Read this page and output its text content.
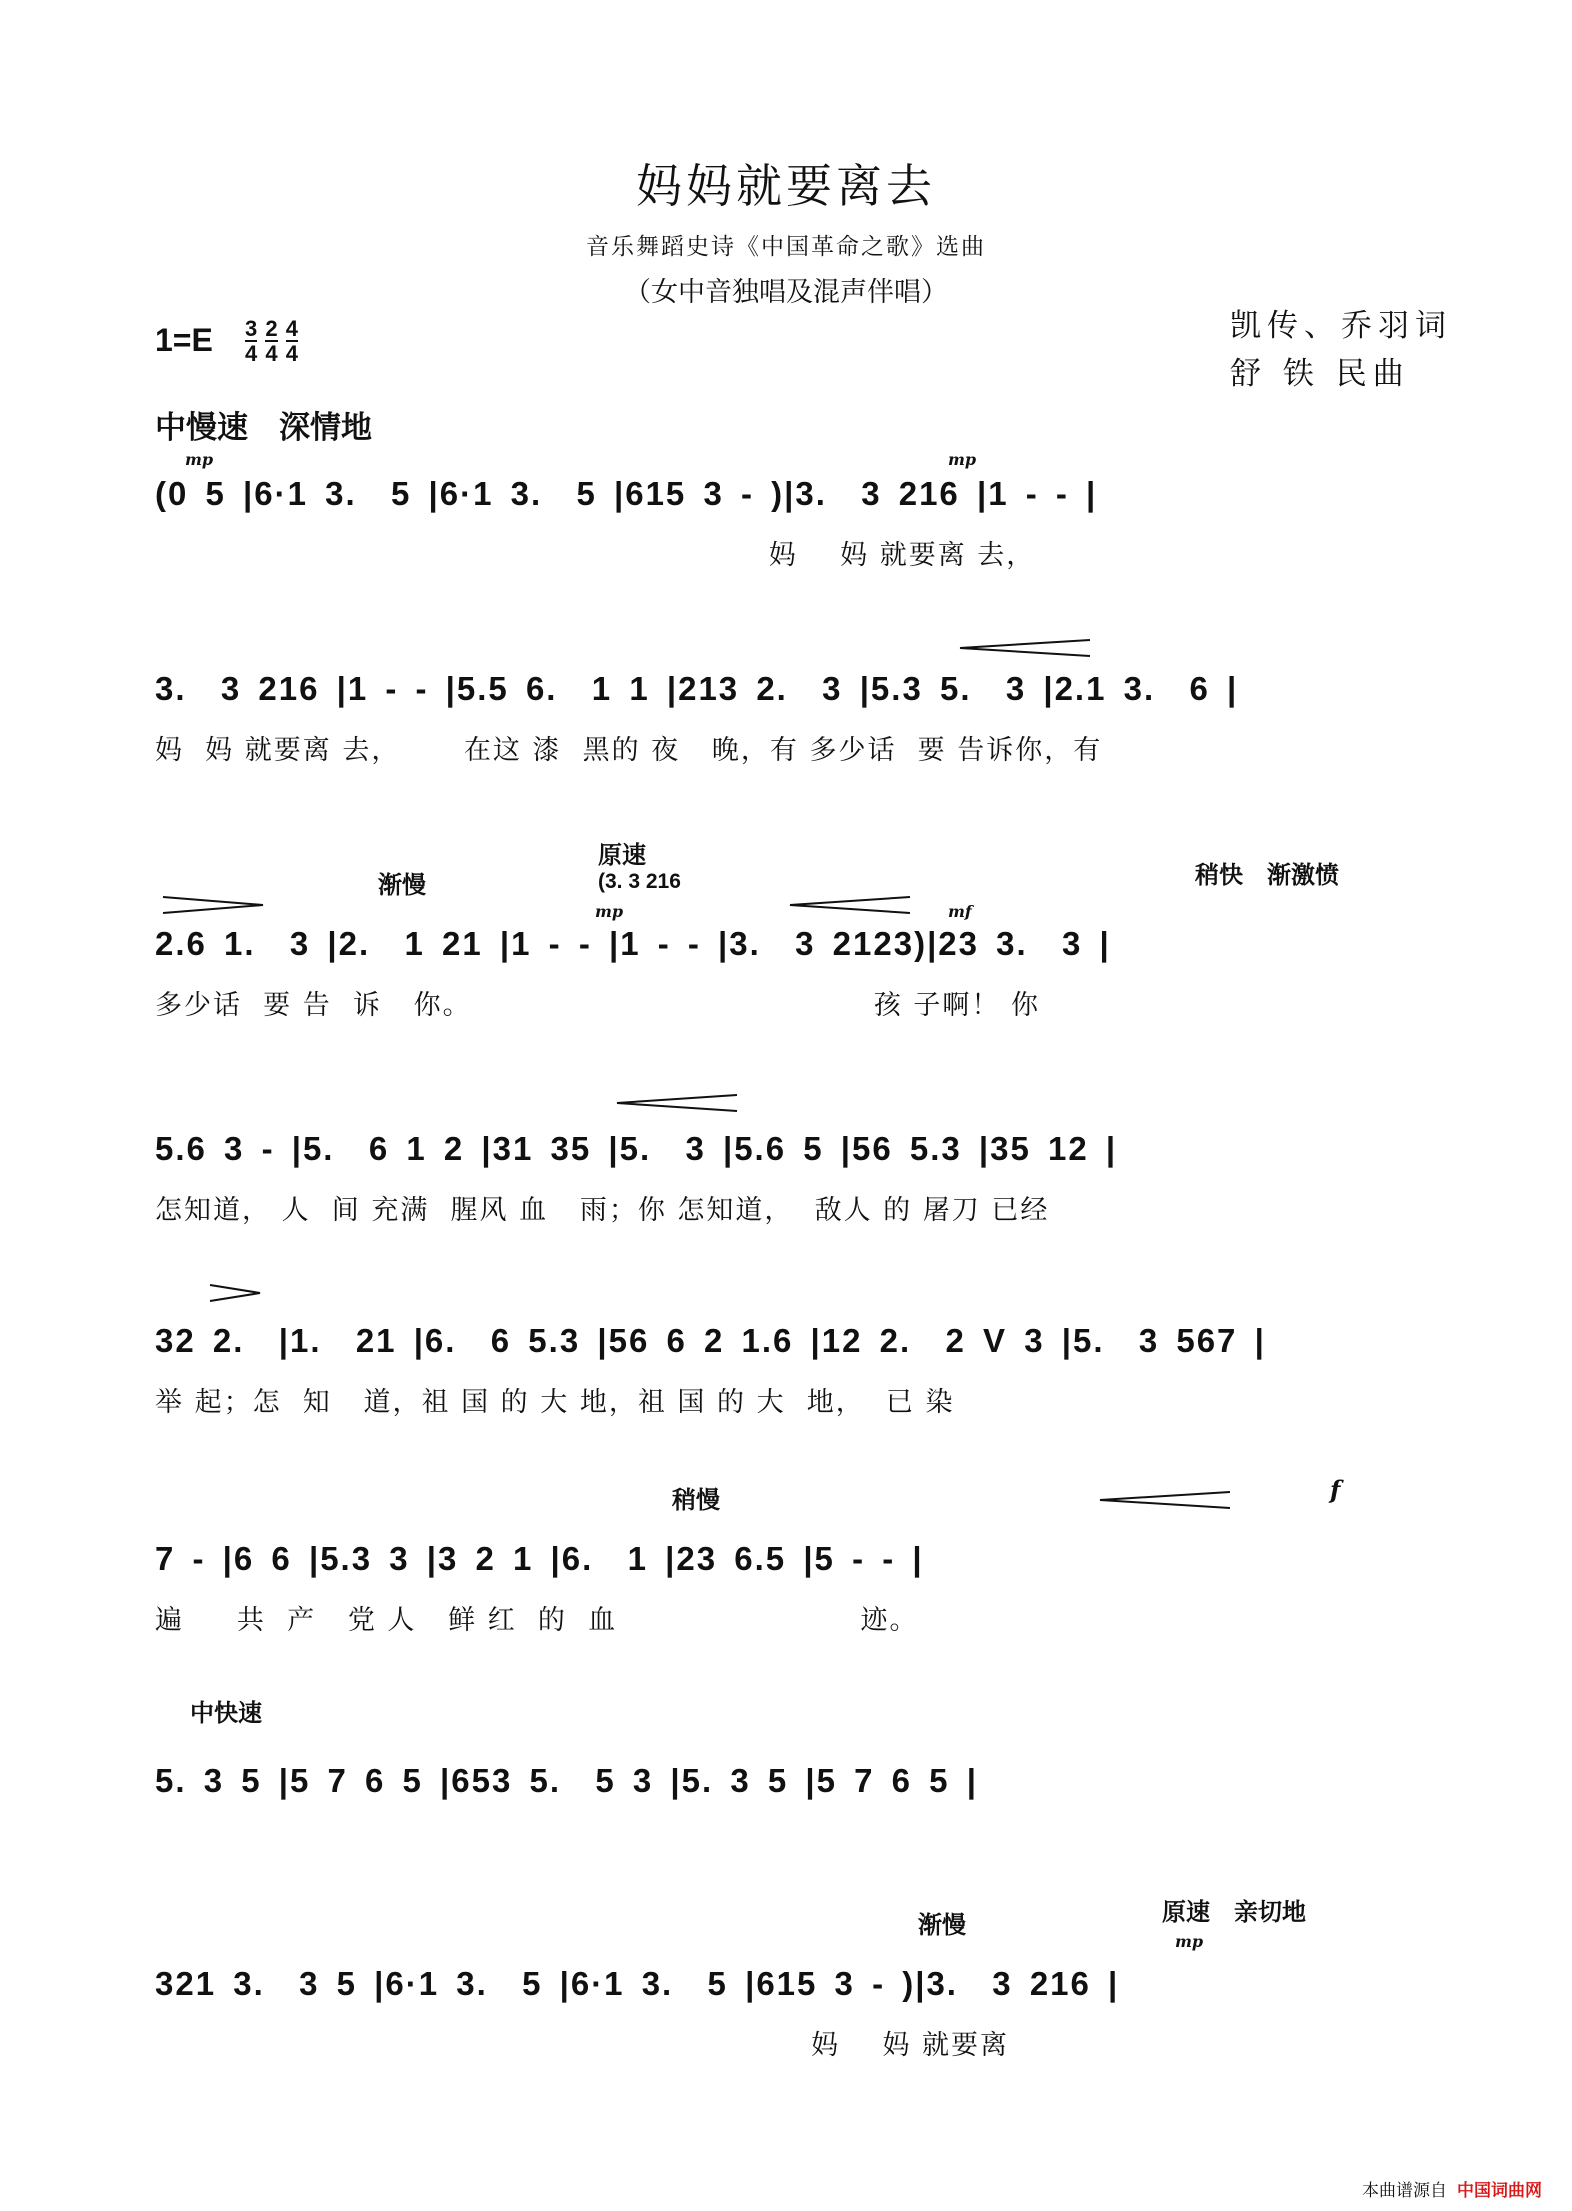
妈妈就要离去
音乐舞蹈史诗《中国革命之歌》选曲
（女中音独唱及混声伴唱）
凯传、乔羽词
舒 铁 民曲
$1=E \frac{3}{4} \frac{2}{4} \frac{4}{4}$
中慢速　深情地
mp	mp
(0 5 |6·1 3.  5 |6·1 3.  5 |615 3 - )|3.  3 216 |1 - - |
妈    妈 就要离 去，
3.  3 216 |1 - - |5.5 6.  1 1 |213 2.  3 |5.3 5.  3 |2.1 3.  6 |
妈  妈 就要离 去，      在这 漆  黑的 夜   晚，有 多少话  要 告诉你，有
原速
渐慢	稍快　渐激愤
(3. 3 216
mp	mf
2.6 1.  3 |2.  1 21 |1 - - |1 - - |3.  3 2123)|23 3.  3 |
多少话  要 告  诉   你。                                      孩 子啊！ 你
5.6 3 - |5.  6 1 2 |31 35 |5.  3 |5.6 5 |56 5.3 |35 12 |
怎知道， 人  间 充满  腥风 血   雨；你 怎知道，  敌人 的 屠刀 已经
32 2.  |1.  21 |6.  6 5.3 |56 6 2 1.6 |12 2.  2 V 3 |5.  3 567 |
举 起；怎  知   道，祖 国 的 大 地，祖 国 的 大  地，  已 染
稍慢	f
7 - |6 6 |5.3 3 |3 2 1 |6.  1 |23 6.5 |5 - - |
遍     共  产   党 人   鲜 红  的  血                       迹。
中快速
5. 3 5 |5 7 6 5 |653 5.  5 3 |5. 3 5 |5 7 6 5 |
原速　亲切地
渐慢
mp
321 3.  3 5 |6·1 3.  5 |6·1 3.  5 |615 3 - )|3.  3 216 |
妈    妈 就要离
本曲谱源自 中国词曲网
